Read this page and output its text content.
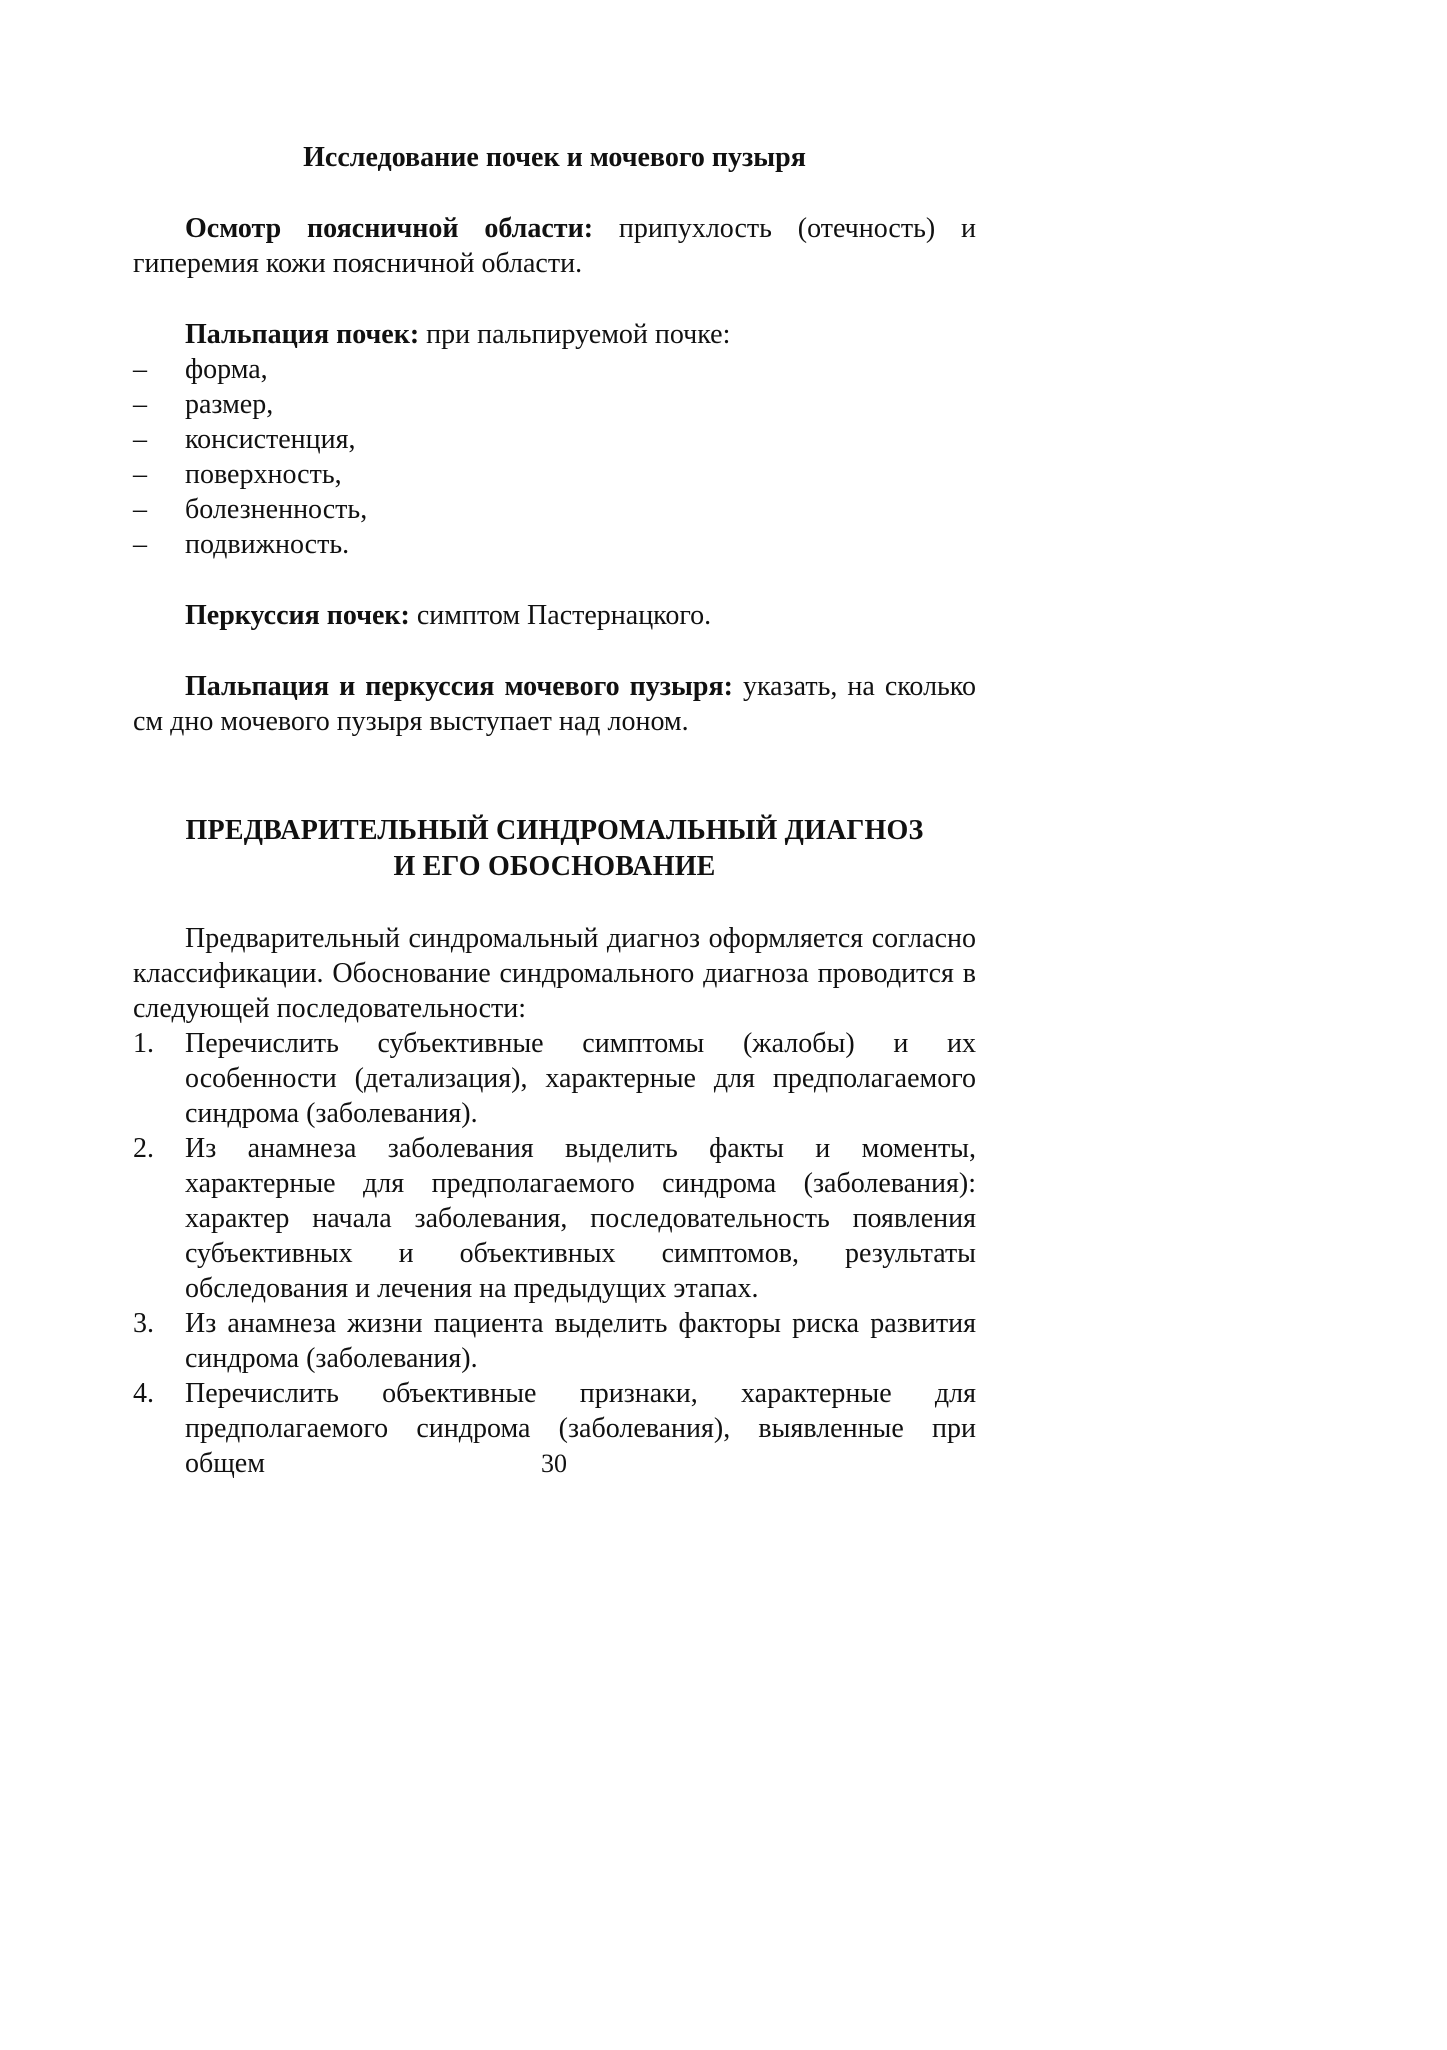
Исследование почек и мочевого пузыря

Осмотр поясничной области: припухлость (отечность) и гиперемия кожи поясничной области.

Пальпация почек: при пальпируемой почке:

– форма,
– размер,
– консистенция,
– поверхность,
– болезненность,
– подвижность.

Перкуссия почек: симптом Пастернацкого.

Пальпация и перкуссия мочевого пузыря: указать, на сколько см дно мочевого пузыря выступает над лоном.

ПРЕДВАРИТЕЛЬНЫЙ СИНДРОМАЛЬНЫЙ ДИАГНОЗ

И ЕГО ОБОСНОВАНИЕ

Предварительный синдромальный диагноз оформляется согласно классификации. Обоснование синдромального диагноза проводится в следующей последовательности:

1. Перечислить субъективные симптомы (жалобы) и их особенности (детализация), характерные для предполагаемого синдрома (заболевания).
2. Из анамнеза заболевания выделить факты и моменты, характерные для предполагаемого синдрома (заболевания): характер начала заболевания, последовательность появления субъективных и объективных симптомов, результаты обследования и лечения на предыдущих этапах.
3. Из анамнеза жизни пациента выделить факторы риска развития синдрома (заболевания).
4. Перечислить объективные признаки, характерные для предполагаемого синдрома (заболевания), выявленные при общем	30
